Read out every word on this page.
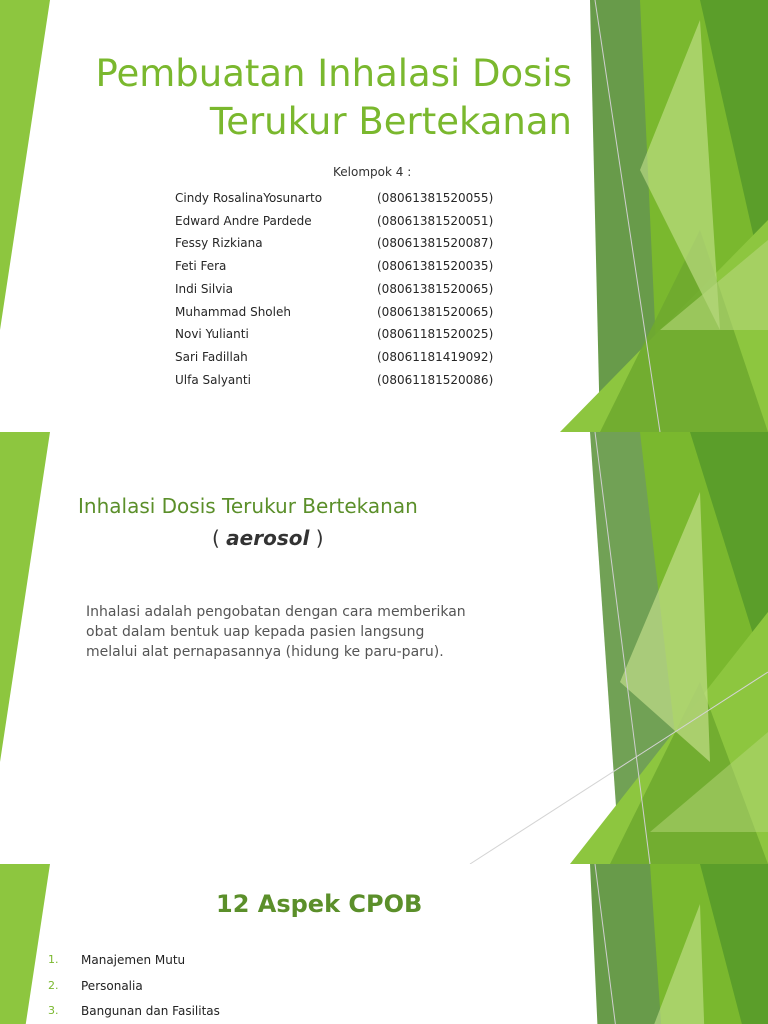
Pembuatan Inhalasi Dosis
Terukur Bertekanan
Kelompok 4 :
Cindy RosalinaYosunarto	(08061381520055)
Edward Andre Pardede	(08061381520051)
Fessy Rizkiana	(08061381520087)
Feti Fera	(08061381520035)
Indi Silvia	(08061381520065)
Muhammad Sholeh	(08061381520065)
Novi Yulianti	(08061181520025)
Sari Fadillah	(08061181419092)
Ulfa Salyanti	(08061181520086)
Inhalasi Dosis Terukur Bertekanan
( aerosol )
Inhalasi adalah pengobatan dengan cara memberikan obat dalam bentuk uap kepada pasien langsung melalui alat pernapasannya (hidung ke paru-paru).
12 Aspek CPOB
1. Manajemen Mutu
2. Personalia
3. Bangunan dan Fasilitas
